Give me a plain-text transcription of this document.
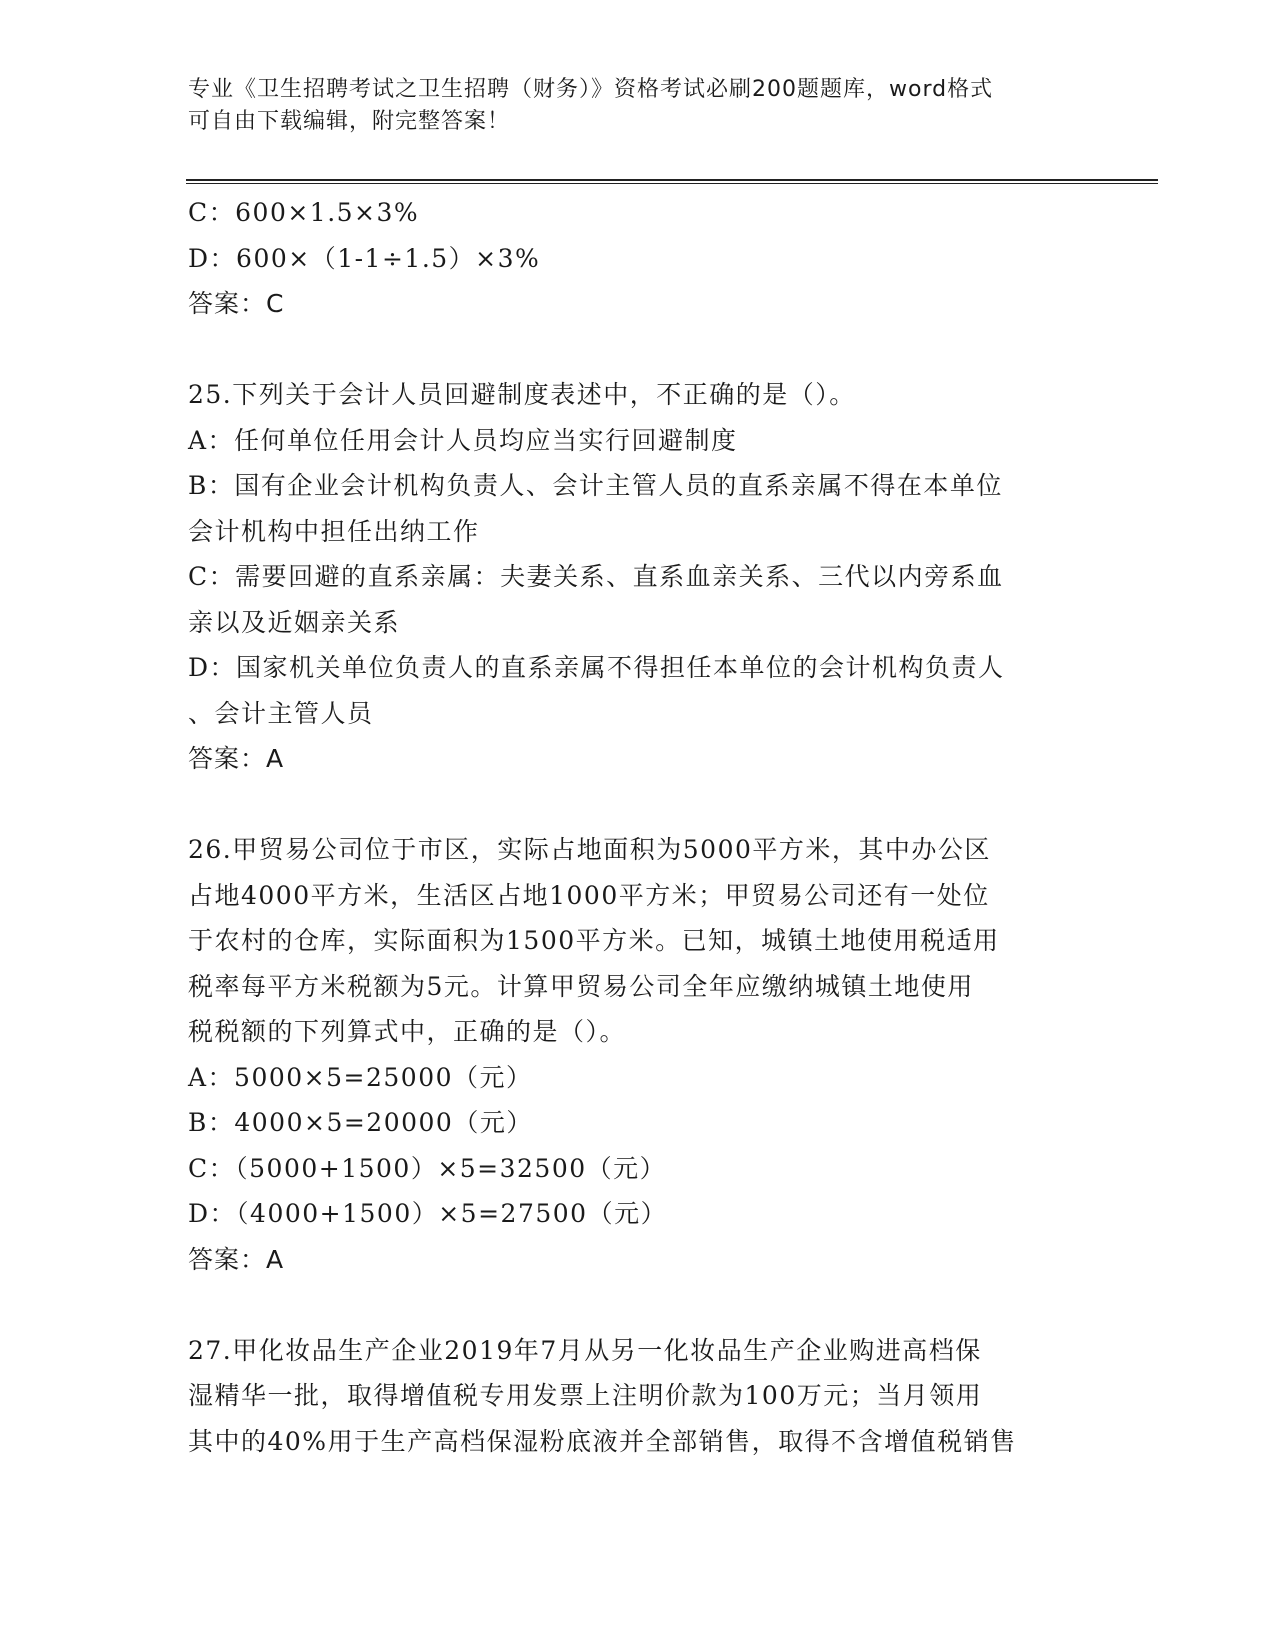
专业《卫生招聘考试之卫生招聘（财务）》资格考试必刷200题题库，word格式
可自由下载编辑，附完整答案！
C：600×1.5×3%
D：600×（1-1÷1.5）×3%
答案：C
25.下列关于会计人员回避制度表述中，不正确的是（）。
A：任何单位任用会计人员均应当实行回避制度
B：国有企业会计机构负责人、会计主管人员的直系亲属不得在本单位
会计机构中担任出纳工作
C：需要回避的直系亲属：夫妻关系、直系血亲关系、三代以内旁系血
亲以及近姻亲关系
D：国家机关单位负责人的直系亲属不得担任本单位的会计机构负责人
、会计主管人员
答案：A
26.甲贸易公司位于市区，实际占地面积为5000平方米，其中办公区
占地4000平方米，生活区占地1000平方米；甲贸易公司还有一处位
于农村的仓库，实际面积为1500平方米。已知，城镇土地使用税适用
税率每平方米税额为5元。计算甲贸易公司全年应缴纳城镇土地使用
税税额的下列算式中，正确的是（）。
A：5000×5=25000（元）
B：4000×5=20000（元）
C：（5000+1500）×5=32500（元）
D：（4000+1500）×5=27500（元）
答案：A
27.甲化妆品生产企业2019年7月从另一化妆品生产企业购进高档保
湿精华一批，取得增值税专用发票上注明价款为100万元；当月领用
其中的40%用于生产高档保湿粉底液并全部销售，取得不含增值税销售
